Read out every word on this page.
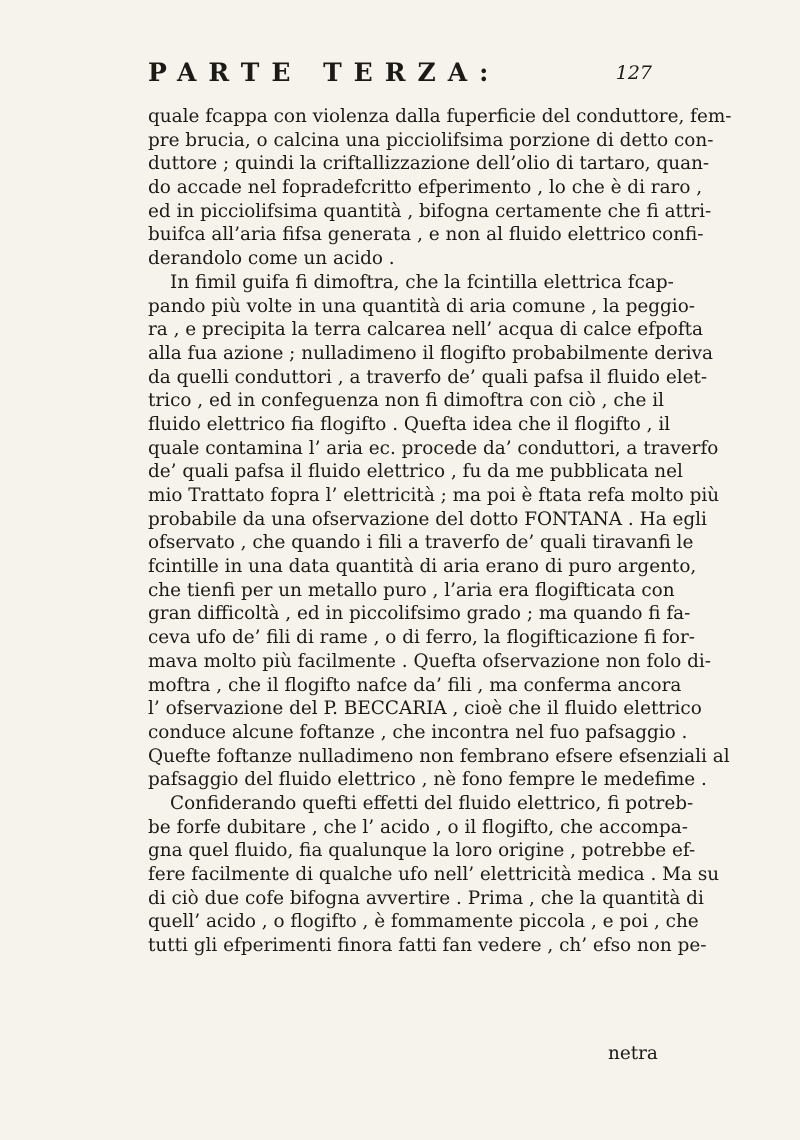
PARTE TERZA:	127
quale fcappa con violenza dalla fuperficie del conduttore, fem-
pre brucia, o calcina una picciolifsima porzione di detto con-
duttore ; quindi la criftallizzazione dell’olio di tartaro, quan-
do accade nel fopradefcritto efperimento , lo che è di raro ,
ed in picciolifsima quantità , bifogna certamente che fi attri-
buifca all’aria fifsa generata , e non al fluido elettrico confi-
derandolo come un acido .
In fimil guifa fi dimoftra, che la fcintilla elettrica fcap-
pando più volte in una quantità di aria comune , la peggio-
ra , e precipita la terra calcarea nell’ acqua di calce efpofta
alla fua azione ; nulladimeno il flogifto probabilmente deriva
da quelli conduttori , a traverfo de’ quali pafsa il fluido elet-
trico , ed in confeguenza non fi dimoftra con ciò , che il
fluido elettrico fia flogifto . Quefta idea che il flogifto , il
quale contamina l’ aria ec. procede da’ conduttori, a traverfo
de’ quali pafsa il fluido elettrico , fu da me pubblicata nel
mio Trattato fopra l’ elettricità ; ma poi è ftata refa molto più
probabile da una ofservazione del dotto FONTANA . Ha egli
ofservato , che quando i fili a traverfo de’ quali tiravanfi le
fcintille in una data quantità di aria erano di puro argento,
che tienfi per un metallo puro , l’aria era flogifticata con
gran difficoltà , ed in piccolifsimo grado ; ma quando fi fa-
ceva ufo de’ fili di rame , o di ferro, la flogifticazione fi for-
mava molto più facilmente . Quefta ofservazione non folo di-
moftra , che il flogifto nafce da’ fili , ma conferma ancora
l’ ofservazione del P. BECCARIA , cioè che il fluido elettrico
conduce alcune foftanze , che incontra nel fuo pafsaggio .
Quefte foftanze nulladimeno non fembrano efsere efsenziali al
pafsaggio del fluido elettrico , nè fono fempre le medefime .
Confiderando quefti effetti del fluido elettrico, fi potreb-
be forfe dubitare , che l’ acido , o il flogifto, che accompa-
gna quel fluido, fia qualunque la loro origine , potrebbe ef-
fere facilmente di qualche ufo nell’ elettricità medica . Ma su
di ciò due cofe bifogna avvertire . Prima , che la quantità di
quell’ acido , o flogifto , è fommamente piccola , e poi , che
tutti gli efperimenti finora fatti fan vedere , ch’ efso non pe-
netra
